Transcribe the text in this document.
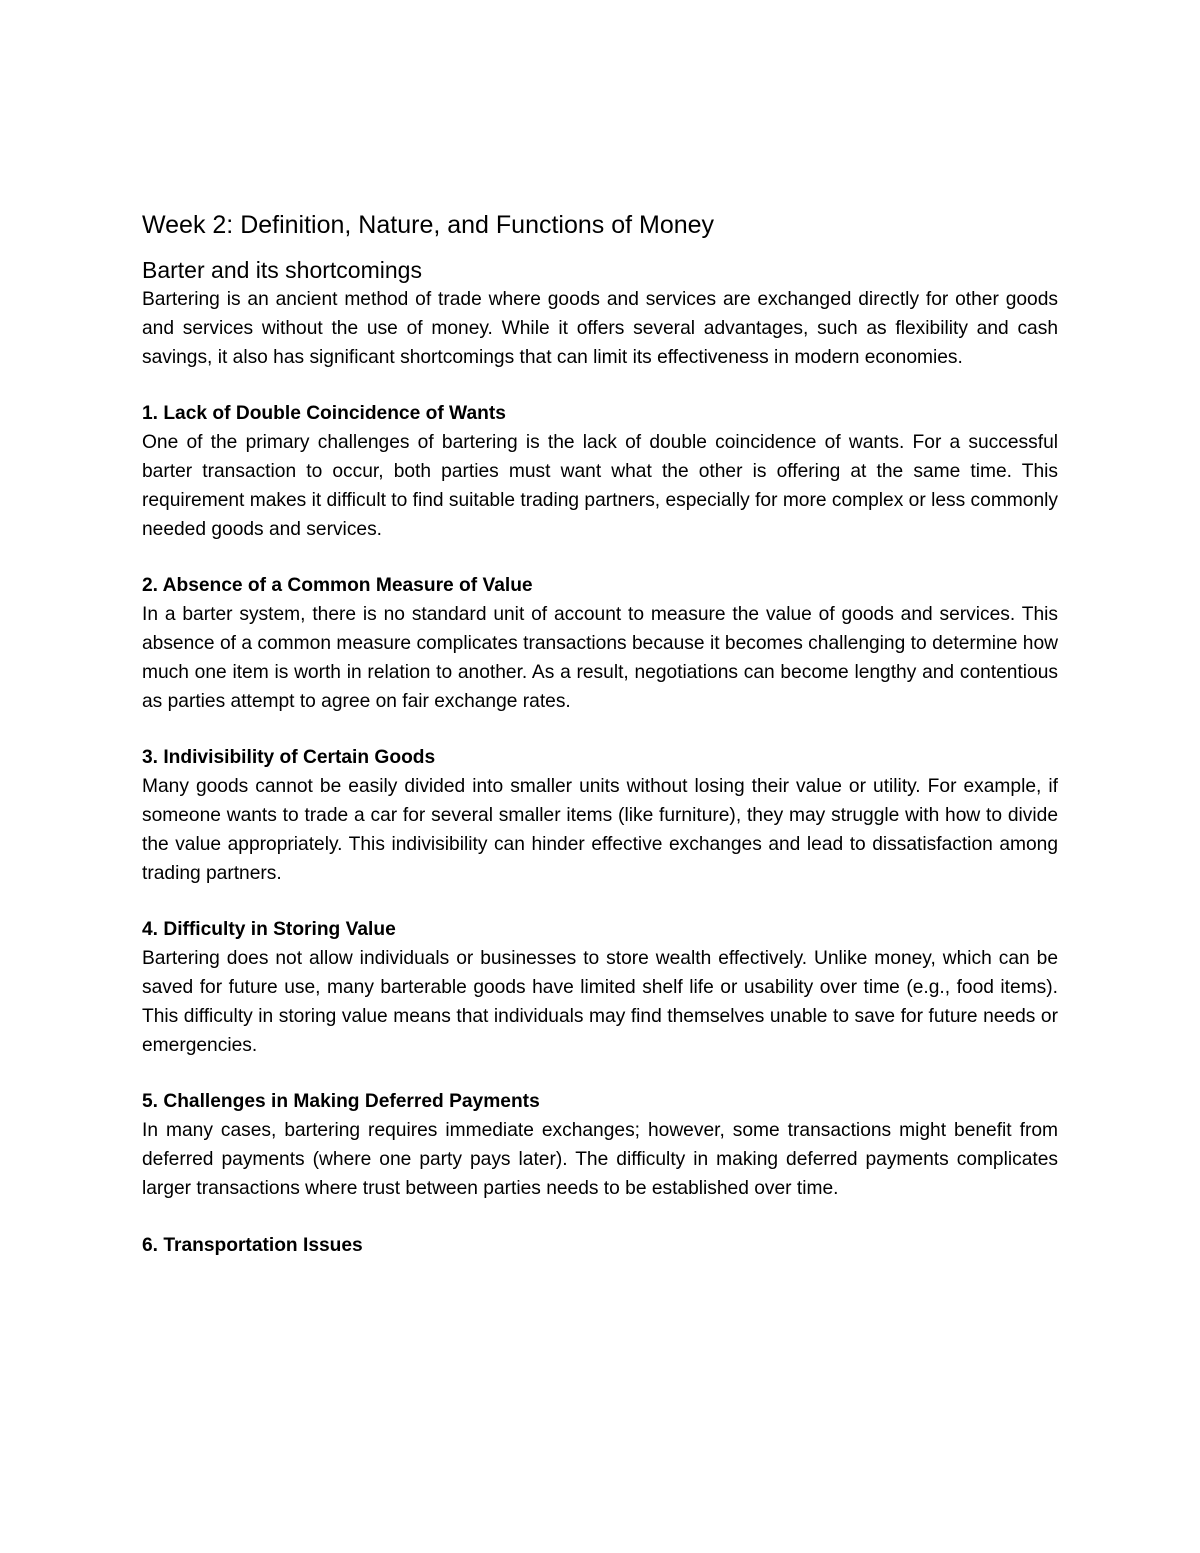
Week 2: Definition, Nature, and Functions of Money
Barter and its shortcomings

Bartering is an ancient method of trade where goods and services are exchanged directly for other goods and services without the use of money. While it offers several advantages, such as flexibility and cash savings, it also has significant shortcomings that can limit its effectiveness in modern economies.

1. Lack of Double Coincidence of Wants

One of the primary challenges of bartering is the lack of double coincidence of wants. For a successful barter transaction to occur, both parties must want what the other is offering at the same time. This requirement makes it difficult to find suitable trading partners, especially for more complex or less commonly needed goods and services.

2. Absence of a Common Measure of Value

In a barter system, there is no standard unit of account to measure the value of goods and services. This absence of a common measure complicates transactions because it becomes challenging to determine how much one item is worth in relation to another. As a result, negotiations can become lengthy and contentious as parties attempt to agree on fair exchange rates.

3. Indivisibility of Certain Goods

Many goods cannot be easily divided into smaller units without losing their value or utility. For example, if someone wants to trade a car for several smaller items (like furniture), they may struggle with how to divide the value appropriately. This indivisibility can hinder effective exchanges and lead to dissatisfaction among trading partners.

4. Difficulty in Storing Value

Bartering does not allow individuals or businesses to store wealth effectively. Unlike money, which can be saved for future use, many barterable goods have limited shelf life or usability over time (e.g., food items). This difficulty in storing value means that individuals may find themselves unable to save for future needs or emergencies.

5. Challenges in Making Deferred Payments

In many cases, bartering requires immediate exchanges; however, some transactions might benefit from deferred payments (where one party pays later). The difficulty in making deferred payments complicates larger transactions where trust between parties needs to be established over time.

6. Transportation Issues
